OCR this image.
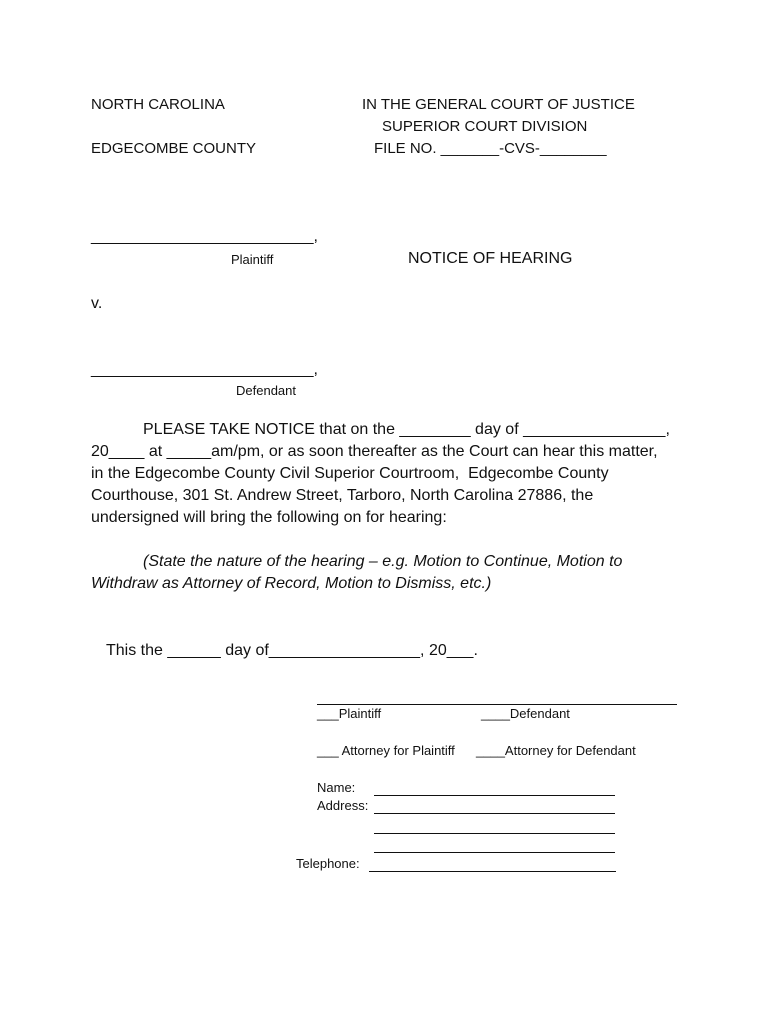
NORTH CAROLINA
EDGECOMBE COUNTY
IN THE GENERAL COURT OF JUSTICE
SUPERIOR COURT DIVISION
FILE NO. _______-CVS-________
_________________________,
Plaintiff	NOTICE OF HEARING
v.
_________________________,
Defendant
PLEASE TAKE NOTICE that on the ________ day of ________________,
20____ at _____am/pm, or as soon thereafter as the Court can hear this matter,
in the Edgecombe County Civil Superior Courtroom,  Edgecombe County
Courthouse, 301 St. Andrew Street, Tarboro, North Carolina 27886, the
undersigned will bring the following on for hearing:
(State the nature of the hearing – e.g. Motion to Continue, Motion to
Withdraw as Attorney of Record, Motion to Dismiss, etc.)
This the ______ day of_________________, 20___.
___Plaintiff	____Defendant
___ Attorney for Plaintiff ____Attorney for Defendant
Name:
Address:
Telephone:
